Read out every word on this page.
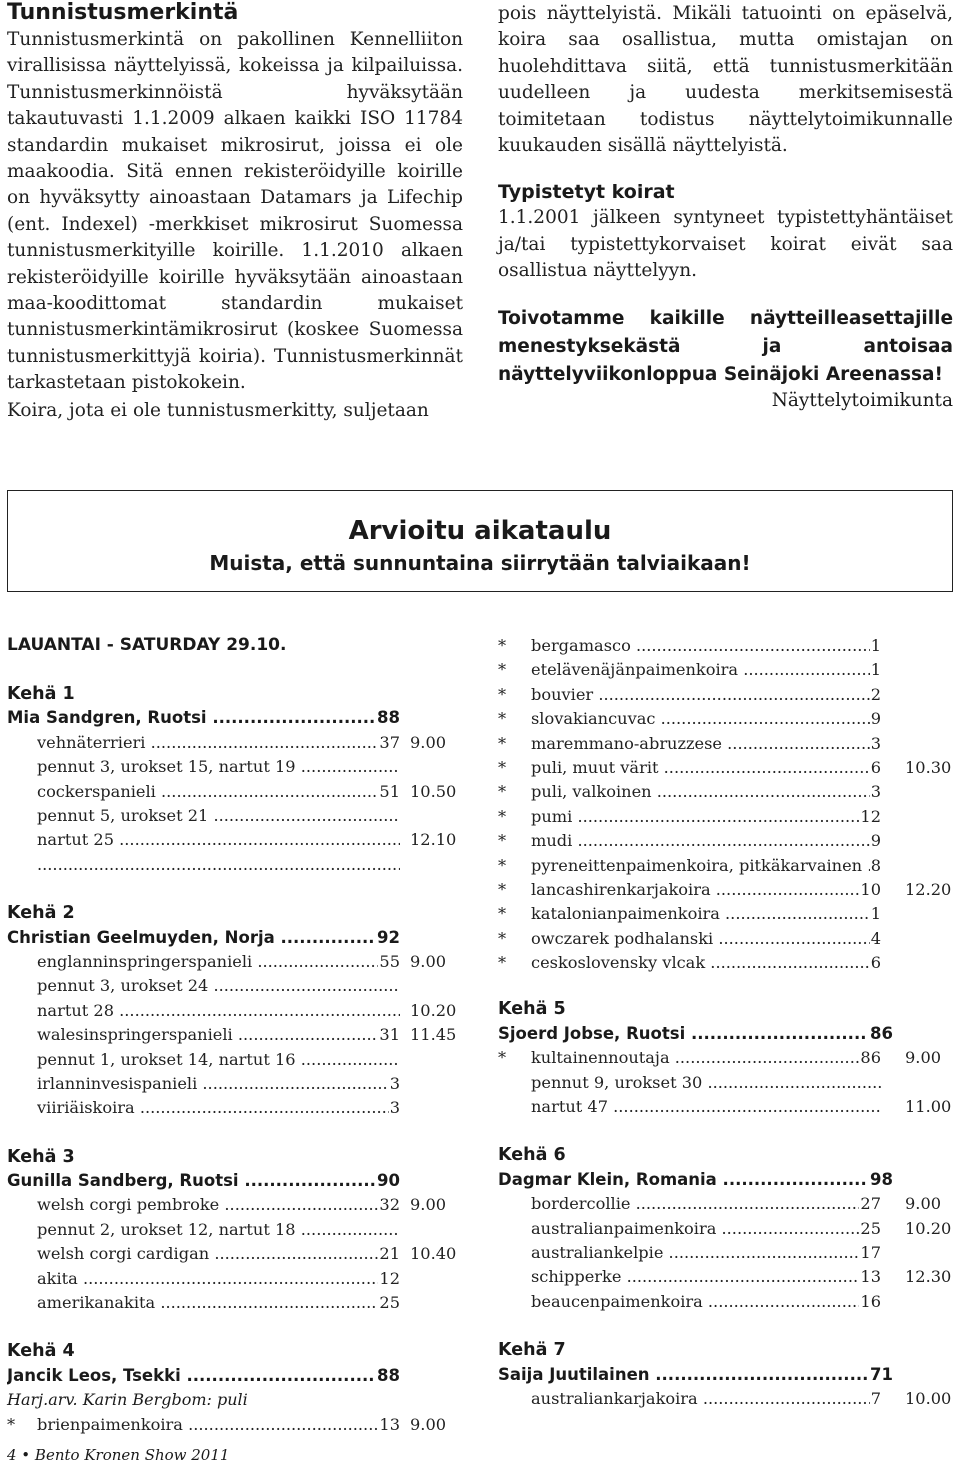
Tunnistusmerkintä

Tunnistusmerkintä on pakollinen Kennelliiton virallisissa näyttelyissä, kokeissa ja kilpailuissa. Tunnistusmerkinnöistä hyväksytään takautuvasti 1.1.2009 alkaen kaikki ISO 11784 standardin mukaiset mikrosirut, joissa ei ole maakoodia. Sitä ennen rekisteröidyille koirille on hyväksytty ainoastaan Datamars ja Lifechip (ent. Indexel) -merkkiset mikrosirut Suomessa tunnistusmerkityille koirille. 1.1.2010 alkaen rekisteröidyille koirille hyväksytään ainoastaan maa-koodittomat standardin mukaiset tunnistusmerkintämikrosirut (koskee Suomessa tunnistusmerkittyjä koiria). Tunnistusmerkinnät tarkastetaan pistokokein.

Koira, jota ei ole tunnistusmerkitty, suljetaan

pois näyttelyistä. Mikäli tatuointi on epäselvä, koira saa osallistua, mutta omistajan on huolehdittava siitä, että tunnistusmerkitään uudelleen ja uudesta merkitsemisestä toimitetaan todistus näyttelytoimikunnalle kuukauden sisällä näyttelyistä.

Typistetyt koirat

1.1.2001 jälkeen syntyneet typistettyhäntäiset ja/tai typistettykorvaiset koirat eivät saa osallistua näyttelyyn.

Toivotamme kaikille näytteilleasettajille menestyksekästä ja antoisaa näyttelyviikonloppua Seinäjoki Areenassa!

Näyttelytoimikunta

Arvioitu aikataulu
Muista, että sunnuntaina siirrytään talviaikaan!
LAUANTAI - SATURDAY 29.10.
Kehä 1
Mia Sandgren, Ruotsi .....	88
vehnäterrieri .....	37 9.00
pennut 3, urokset 15, nartut 19 .....
cockerspanieli .....	51 10.50
pennut 5, urokset 21 .....
nartut 25 .....	12.10
.....
Kehä 2
Christian Geelmuyden, Norja .....	92
englanninspringerspanieli .....	55 9.00
pennut 3, urokset 24 .....
nartut 28 .....	10.20
walesinspringerspanieli .....	31 11.45
pennut 1, urokset 14, nartut 16 .....
irlanninvesispanieli .....	3
viiriäiskoira .....	3
Kehä 3
Gunilla Sandberg, Ruotsi .....	90
welsh corgi pembroke .....	32 9.00
pennut 2, urokset 12, nartut 18 .....
welsh corgi cardigan .....	21 10.40
akita .....	12
amerikanakita .....	25
Kehä 4
Jancik Leos, Tsekki .....	88
Harj.arv. Karin Bergbom: puli
* brienpaimenkoira .....	13 9.00
* bergamasco .....	1
* etelävenäjänpaimenkoira .....	1
* bouvier .....	2
* slovakiancuvac .....	9
* maremmano-abruzzese .....	3
* puli, muut värit .....	6 10.30
* puli, valkoinen .....	3
* pumi .....	12
* mudi .....	9
* pyreneittenpaimenkoira, pitkäkarvainen ..... 8
* lancashirenkarjakoira .....	10 12.20
* katalonianpaimenkoira .....	1
* owczarek podhalanski .....	4
* ceskoslovensky vlcak .....	6
Kehä 5
Sjoerd Jobse, Ruotsi .....	86
* kultainennoutaja .....	86 9.00
pennut 9, urokset 30 .....
nartut 47 .....	11.00
Kehä 6
Dagmar Klein, Romania .....	98
bordercollie .....	27 9.00
australianpaimenkoira .....	25 10.20
australiankelpie .....	17
schipperke .....	13 12.30
beaucenpaimenkoira .....	16
Kehä 7
Saija Juutilainen .....	71
australiankarjakoira .....	7 10.00
4 • Bento Kronen Show 2011
